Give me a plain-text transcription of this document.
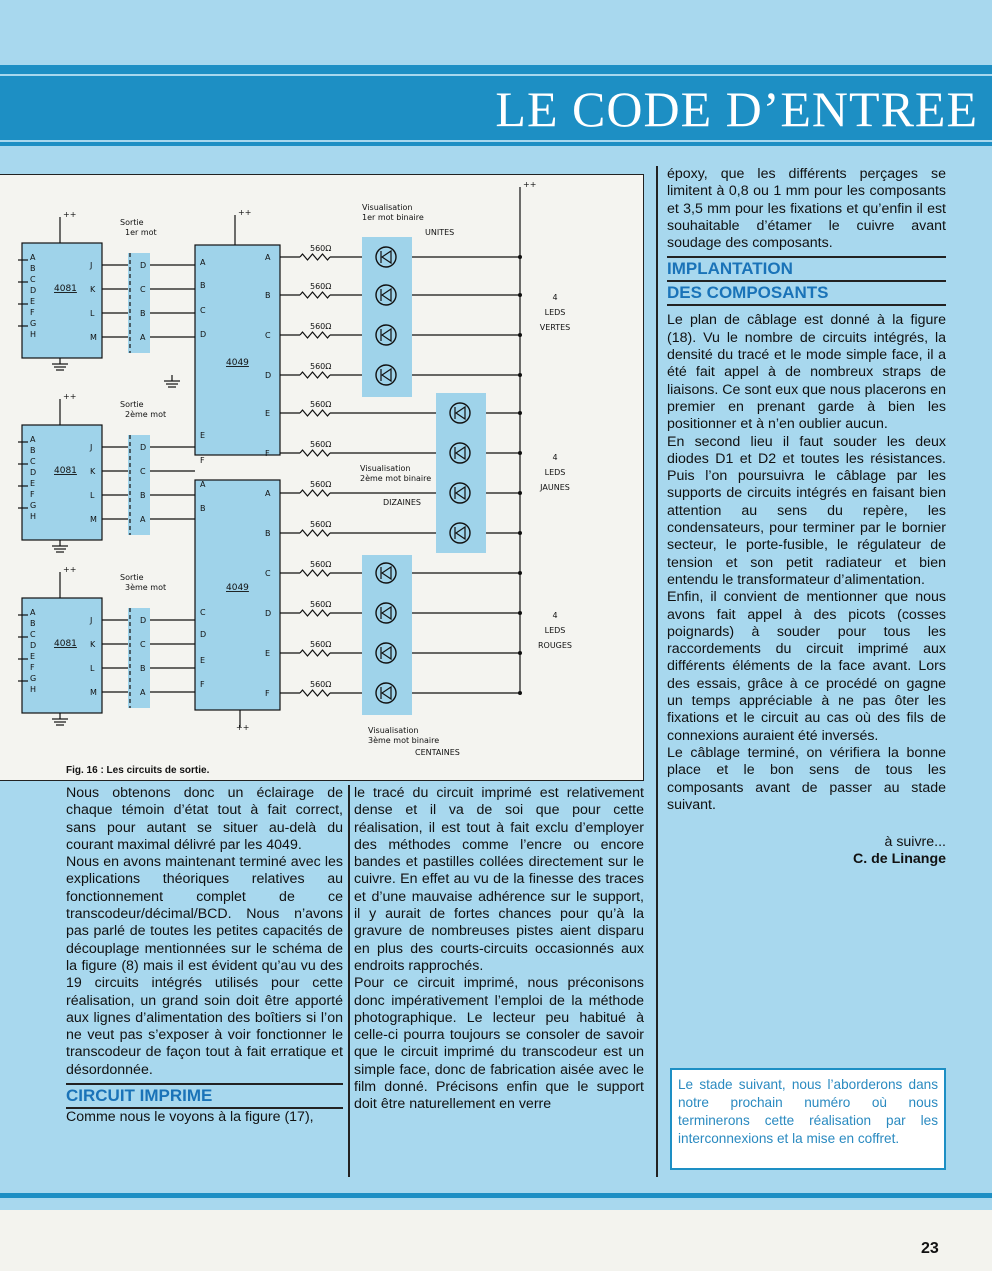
LE CODE D’ENTREE
++
4081
A
B
C
D
E
F
G
H
J
K
L
M
D
C
B
A
Sortie
1er mot
++
4081
A
B
C
D
E
F
G
H
J
K
L
M
D
C
B
A
Sortie
2ème mot
++
4081
A
B
C
D
E
F
G
H
J
K
L
M
D
C
B
A
Sortie
3ème mot
4049
4049
++
++
A
B
C
D
E
F
A
B
C
D
E
F
A
560Ω
B
560Ω
C
560Ω
D
560Ω
E
560Ω
F
560Ω
A
560Ω
B
560Ω
C
560Ω
D
560Ω
E
560Ω
F
560Ω
++
Visualisation
1er mot binaire
UNITES
Visualisation
2ème mot binaire
DIZAINES
Visualisation
3ème mot binaire
CENTAINES
4
LEDS
VERTES
4
LEDS
JAUNES
4
LEDS
ROUGES
Fig. 16 : Les circuits de sortie.

Nous obtenons donc un éclairage de chaque témoin d’état tout à fait correct, sans pour autant se situer au-delà du courant maximal délivré par les 4049.

Nous en avons maintenant terminé avec les explications théoriques relatives au fonctionnement complet de ce transcodeur/décimal/BCD. Nous n’avons pas parlé de toutes les petites capacités de découplage mentionnées sur le schéma de la figure (8) mais il est évident qu’au vu des 19 circuits intégrés utilisés pour cette réalisation, un grand soin doit être apporté aux lignes d’alimentation des boîtiers si l’on ne veut pas s’exposer à voir fonctionner le transcodeur de façon tout à fait erratique et désordonnée.

CIRCUIT IMPRIME

Comme nous le voyons à la figure (17),

le tracé du circuit imprimé est relativement dense et il va de soi que pour cette réalisation, il est tout à fait exclu d’employer des méthodes comme l’encre ou encore bandes et pastilles collées directement sur le cuivre. En effet au vu de la finesse des traces et d’une mauvaise adhérence sur le support, il y aurait de fortes chances pour qu’à la gravure de nombreuses pistes aient disparu en plus des courts-circuits occasionnés aux endroits rapprochés.

Pour ce circuit imprimé, nous préconisons donc impérativement l’emploi de la méthode photographique. Le lecteur peu habitué à celle-ci pourra toujours se consoler de savoir que le circuit imprimé du transcodeur est un simple face, donc de fabrication aisée avec le film donné. Précisons enfin que le support doit être naturellement en verre

époxy, que les différents perçages se limitent à 0,8 ou 1 mm pour les composants et 3,5 mm pour les fixations et qu’enfin il est souhaitable d’étamer le cuivre avant soudage des composants.

IMPLANTATION
DES COMPOSANTS

Le plan de câblage est donné à la figure (18). Vu le nombre de circuits intégrés, la densité du tracé et le mode simple face, il a été fait appel à de nombreux straps de liaisons. Ce sont eux que nous placerons en premier en prenant garde à bien les positionner et à n’en oublier aucun.

En second lieu il faut souder les deux diodes D1 et D2 et toutes les résistances. Puis l’on poursuivra le câblage par les supports de circuits intégrés en faisant bien attention au sens du repère, les condensateurs, pour terminer par le bornier secteur, le porte-fusible, le régulateur de tension et son petit radiateur et bien entendu le transformateur d’alimentation.

Enfin, il convient de mentionner que nous avons fait appel à des picots (cosses poignards) à souder pour tous les raccordements du circuit imprimé aux différents éléments de la face avant. Lors des essais, grâce à ce procédé on gagne un temps appréciable à ne pas ôter les fixations et le circuit au cas où des fils de connexions auraient été inversés.

Le câblage terminé, on vérifiera la bonne place et le bon sens de tous les composants avant de passer au stade suivant.

à suivre...

C. de Linange

Le stade suivant, nous l’aborderons dans notre prochain numéro où nous terminerons cette réalisation par les interconnexions et la mise en coffret.
23
